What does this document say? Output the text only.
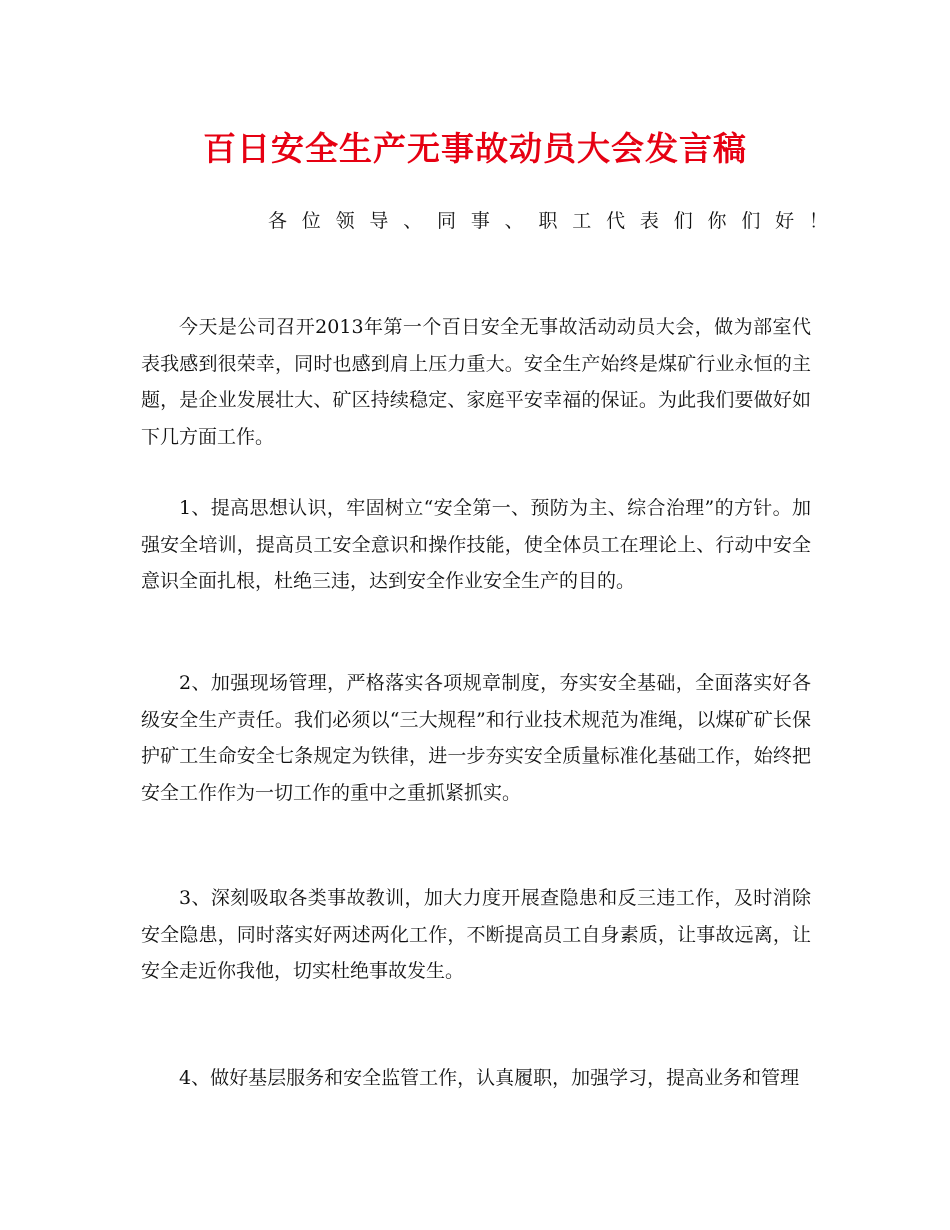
百日安全生产无事故动员大会发言稿
各位领导、同事、职工代表们你们好！

今天是公司召开2013年第一个百日安全无事故活动动员大会，做为部室代表我感到很荣幸，同时也感到肩上压力重大。安全生产始终是煤矿行业永恒的主题，是企业发展壮大、矿区持续稳定、家庭平安幸福的保证。为此我们要做好如下几方面工作。

1、提高思想认识，牢固树立“安全第一、预防为主、综合治理”的方针。加强安全培训，提高员工安全意识和操作技能，使全体员工在理论上、行动中安全意识全面扎根，杜绝三违，达到安全作业安全生产的目的。

2、加强现场管理，严格落实各项规章制度，夯实安全基础，全面落实好各级安全生产责任。我们必须以“三大规程”和行业技术规范为准绳，以煤矿矿长保护矿工生命安全七条规定为铁律，进一步夯实安全质量标准化基础工作，始终把安全工作作为一切工作的重中之重抓紧抓实。

3、深刻吸取各类事故教训，加大力度开展查隐患和反三违工作，及时消除安全隐患，同时落实好两述两化工作，不断提高员工自身素质，让事故远离，让安全走近你我他，切实杜绝事故发生。

4、做好基层服务和安全监管工作，认真履职，加强学习，提高业务和管理
